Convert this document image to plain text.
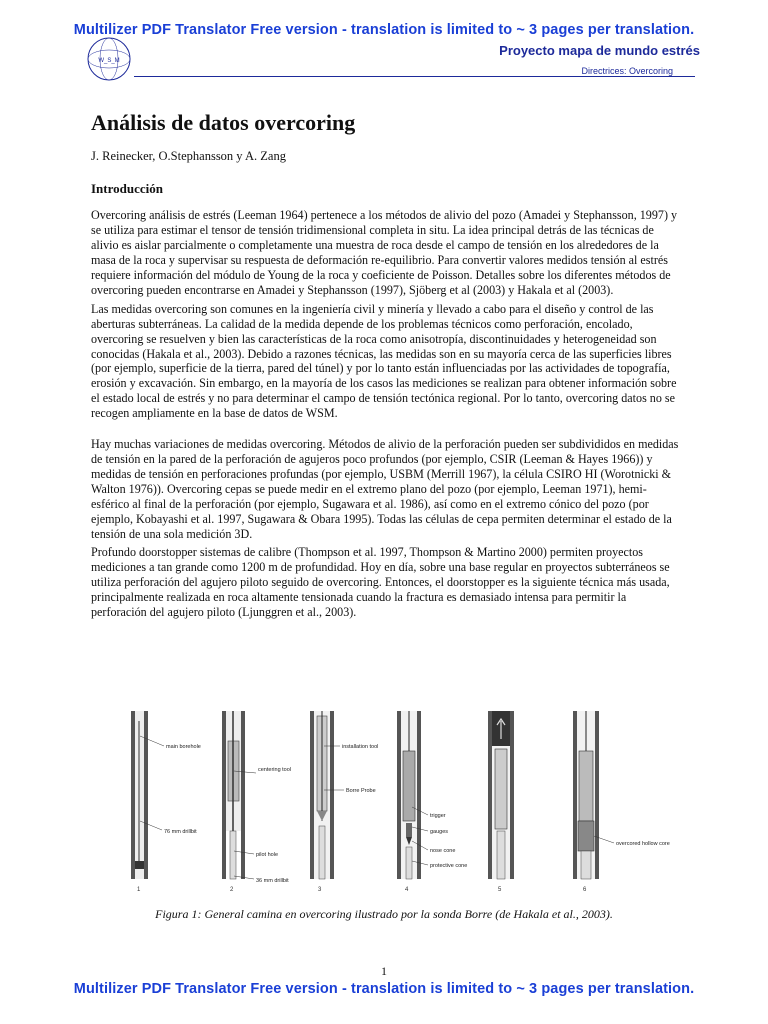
Multilizer PDF Translator Free version - translation is limited to ~ 3 pages per translation.
W_S_M
Proyecto mapa de mundo estrés
Directrices: Overcoring
Análisis de datos overcoring
J. Reinecker, O.Stephansson y A. Zang
Introducción

Overcoring análisis de estrés (Leeman 1964) pertenece a los métodos de alivio del pozo (Amadei y Stephansson, 1997) y se utiliza para estimar el tensor de tensión tridimensional completa in situ. La idea principal detrás de las técnicas de alivio es aislar parcialmente o completamente una muestra de roca desde el campo de tensión en los alrededores de la masa de la roca y supervisar su respuesta de deformación re-equilibrio. Para convertir valores medidos tensión al estrés requiere información del módulo de Young de la roca y coeficiente de Poisson. Detalles sobre los diferentes métodos de overcoring pueden encontrarse en Amadei y Stephansson (1997), Sjöberg et al (2003) y Hakala et al (2003).

Las medidas overcoring son comunes en la ingeniería civil y minería y llevado a cabo para el diseño y control de las aberturas subterráneas. La calidad de la medida depende de los problemas técnicos como perforación, encolado, overcoring se resuelven y bien las características de la roca como anisotropía, discontinuidades y heterogeneidad son conocidas (Hakala et al., 2003). Debido a razones técnicas, las medidas son en su mayoría cerca de las superficies libres (por ejemplo, superficie de la tierra, pared del túnel) y por lo tanto están influenciadas por las actividades de topografía, erosión y excavación. Sin embargo, en la mayoría de los casos las mediciones se realizan para obtener información sobre el estado local de estrés y no para determinar el campo de tensión tectónica regional. Por lo tanto, overcoring datos no se recogen ampliamente en la base de datos de WSM.

Hay muchas variaciones de medidas overcoring. Métodos de alivio de la perforación pueden ser subdivididos en medidas de tensión en la pared de la perforación de agujeros poco profundos (por ejemplo, CSIR (Leeman & Hayes 1966)) y medidas de tensión en perforaciones profundas (por ejemplo, USBM (Merrill 1967), la célula CSIRO HI (Worotnicki & Walton 1976)). Overcoring cepas se puede medir en el extremo plano del pozo (por ejemplo, Leeman 1971), hemi-esférico al final de la perforación (por ejemplo, Sugawara et al. 1986), así como en el extremo cónico del pozo (por ejemplo, Kobayashi et al. 1997, Sugawara & Obara 1995). Todas las células de cepa permiten determinar el estado de la tensión de una sola medición 3D.

Profundo doorstopper sistemas de calibre (Thompson et al. 1997, Thompson & Martino 2000) permiten proyectos mediciones a tan grande como 1200 m de profundidad. Hoy en día, sobre una base regular en proyectos subterráneos se utiliza perforación del agujero piloto seguido de overcoring. Entonces, el doorstopper es la siguiente técnica más usada, principalmente realizada en roca altamente tensionada cuando la fractura es demasiado intensa para permitir la perforación del agujero piloto (Ljunggren et al., 2003).

main borehole
76 mm drillbit
centering tool
pilot hole
36 mm drillbit
installation tool
Borre Probe
trigger
gauges
nose cone
protective cone
overcored hollow core
1	2	3	4	5	6
Figura 1: General camina en overcoring ilustrado por la sonda Borre (de Hakala et al., 2003).
1
Multilizer PDF Translator Free version - translation is limited to ~ 3 pages per translation.
